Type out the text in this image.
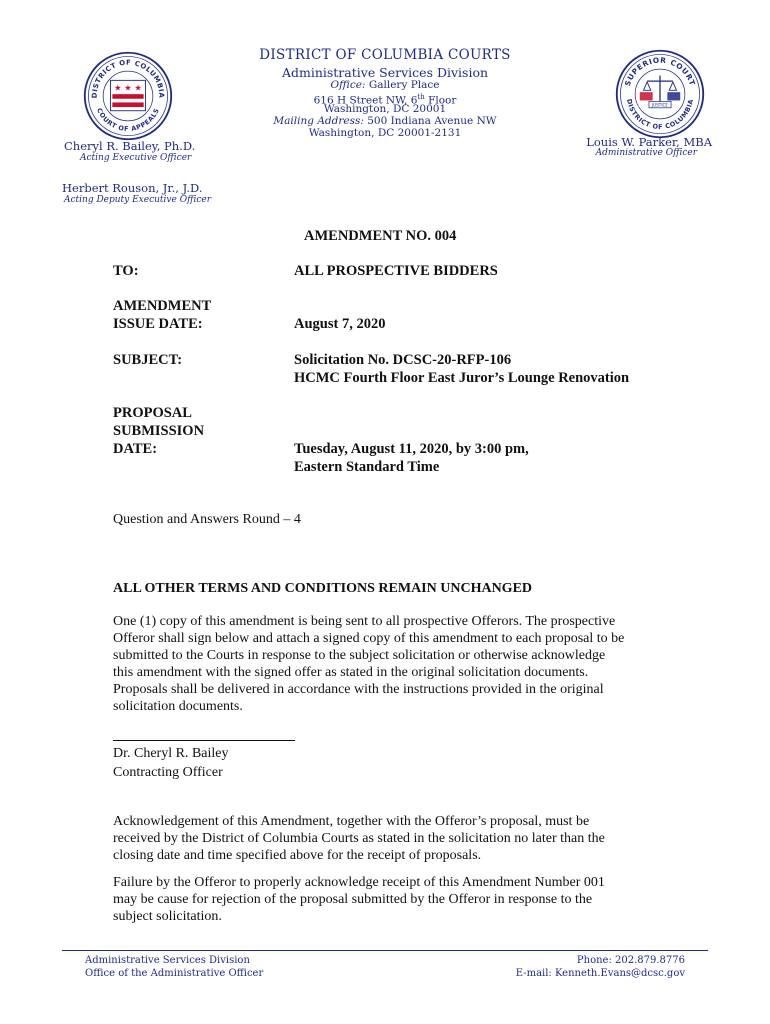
DISTRICT OF COLUMBIA COURTS
Administrative Services Division
Office: Gallery Place
616 H Street NW, 6th Floor
Washington, DC 20001
Mailing Address: 500 Indiana Avenue NW
Washington, DC 20001-2131
DISTRICT OF COLUMBIA
COURT OF APPEALS
★ ★ ★	SUPERIOR COURT
DISTRICT OF COLUMBIA
JUSTICE
Cheryl R. Bailey, Ph.D.
Acting Executive Officer
Herbert Rouson, Jr., J.D.
Acting Deputy Executive Officer
Louis W. Parker, MBA
Administrative Officer
AMENDMENT NO. 004
TO:	ALL PROSPECTIVE BIDDERS
AMENDMENT
ISSUE DATE:	August 7, 2020
SUBJECT:	Solicitation No. DCSC-20-RFP-106
HCMC Fourth Floor East Juror’s Lounge Renovation
PROPOSAL
SUBMISSION
DATE:	Tuesday, August 11, 2020, by 3:00 pm,
Eastern Standard Time
Question and Answers Round – 4
ALL OTHER TERMS AND CONDITIONS REMAIN UNCHANGED
One (1) copy of this amendment is being sent to all prospective Offerors. The prospective
Offeror shall sign below and attach a signed copy of this amendment to each proposal to be
submitted to the Courts in response to the subject solicitation or otherwise acknowledge
this amendment with the signed offer as stated in the original solicitation documents.
Proposals shall be delivered in accordance with the instructions provided in the original
solicitation documents.
Dr. Cheryl R. Bailey
Contracting Officer
Acknowledgement of this Amendment, together with the Offeror’s proposal, must be
received by the District of Columbia Courts as stated in the solicitation no later than the
closing date and time specified above for the receipt of proposals.
Failure by the Offeror to properly acknowledge receipt of this Amendment Number 001
may be cause for rejection of the proposal submitted by the Offeror in response to the
subject solicitation.
Administrative Services Division
Office of the Administrative Officer
Phone: 202.879.8776
E-mail: Kenneth.Evans@dcsc.gov
